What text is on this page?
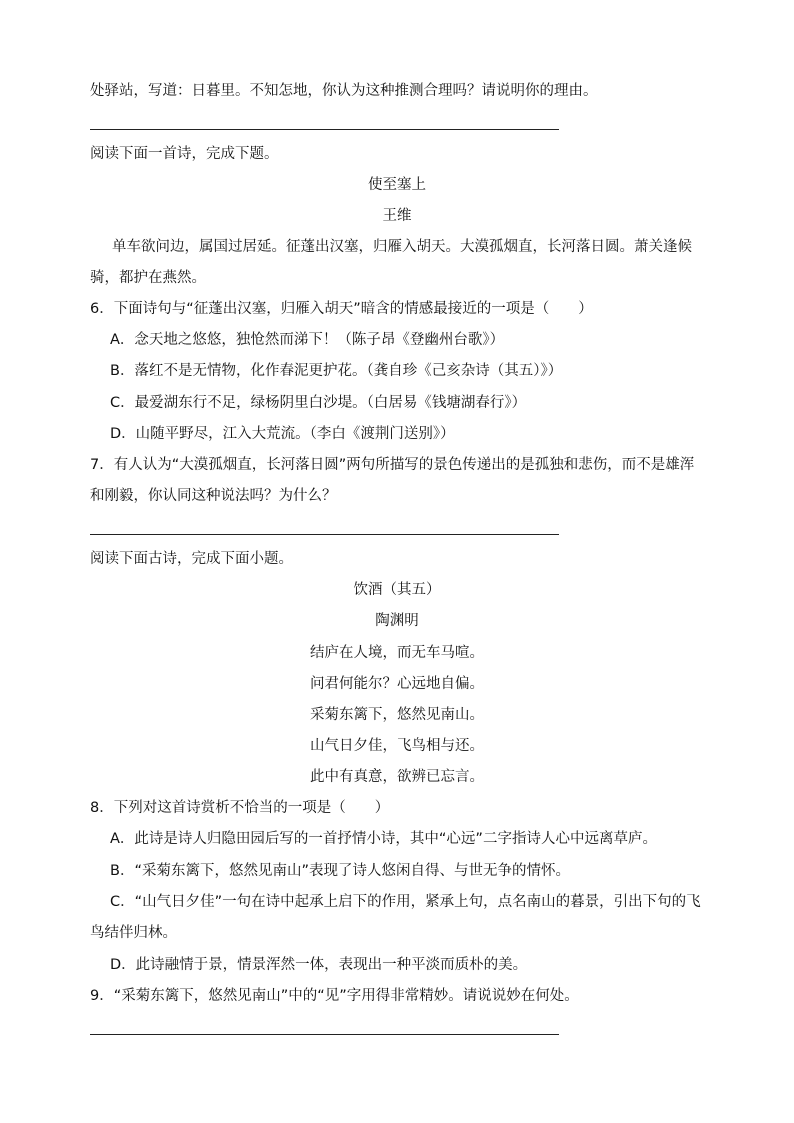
处驿站，写道：日暮里。不知怎地，你认为这种推测合理吗？请说明你的理由。
阅读下面一首诗，完成下题。
使至塞上
王维
单车欲问边，属国过居延。征蓬出汉塞，归雁入胡天。大漠孤烟直，长河落日圆。萧关逢候
骑，都护在燕然。
6．下面诗句与“征蓬出汉塞，归雁入胡天”暗含的情感最接近的一项是（　　）
A．念天地之悠悠，独怆然而涕下！（陈子昂《登幽州台歌》）
B．落红不是无情物，化作春泥更护花。（龚自珍《己亥杂诗（其五）》）
C．最爱湖东行不足，绿杨阴里白沙堤。（白居易《钱塘湖春行》）
D．山随平野尽，江入大荒流。（李白《渡荆门送别》）
7．有人认为“大漠孤烟直，长河落日圆”两句所描写的景色传递出的是孤独和悲伤，而不是雄浑
和刚毅，你认同这种说法吗？为什么？
阅读下面古诗，完成下面小题。
饮酒（其五）
陶渊明
结庐在人境，而无车马喧。
问君何能尔？心远地自偏。
采菊东篱下，悠然见南山。
山气日夕佳，飞鸟相与还。
此中有真意，欲辨已忘言。
8．下列对这首诗赏析不恰当的一项是（　　）
A．此诗是诗人归隐田园后写的一首抒情小诗，其中“心远”二字指诗人心中远离草庐。
B．“采菊东篱下，悠然见南山”表现了诗人悠闲自得、与世无争的情怀。
C．“山气日夕佳”一句在诗中起承上启下的作用，紧承上句，点名南山的暮景，引出下句的飞
鸟结伴归林。
D．此诗融情于景，情景浑然一体，表现出一种平淡而质朴的美。
9．“采菊东篱下，悠然见南山”中的“见”字用得非常精妙。请说说妙在何处。
